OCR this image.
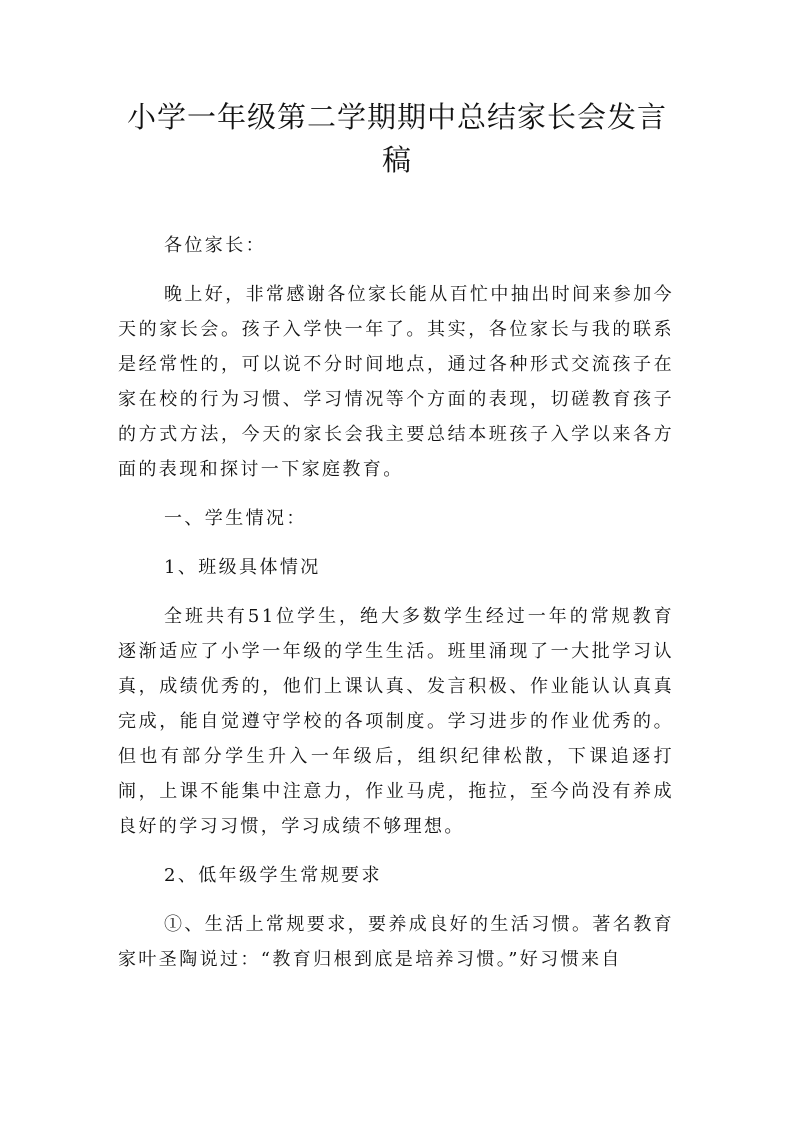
小学一年级第二学期期中总结家长会发言稿

各位家长：

晚上好，非常感谢各位家长能从百忙中抽出时间来参加今天的家长会。孩子入学快一年了。其实，各位家长与我的联系是经常性的，可以说不分时间地点，通过各种形式交流孩子在家在校的行为习惯、学习情况等个方面的表现，切磋教育孩子的方式方法，今天的家长会我主要总结本班孩子入学以来各方面的表现和探讨一下家庭教育。

一、学生情况：

1、班级具体情况

全班共有51位学生，绝大多数学生经过一年的常规教育逐渐适应了小学一年级的学生生活。班里涌现了一大批学习认真，成绩优秀的，他们上课认真、发言积极、作业能认认真真完成，能自觉遵守学校的各项制度。学习进步的作业优秀的。但也有部分学生升入一年级后，组织纪律松散，下课追逐打闹，上课不能集中注意力，作业马虎，拖拉，至今尚没有养成良好的学习习惯，学习成绩不够理想。

2、低年级学生常规要求

①、生活上常规要求，要养成良好的生活习惯。著名教育家叶圣陶说过：“教育归根到底是培养习惯。”好习惯来自
